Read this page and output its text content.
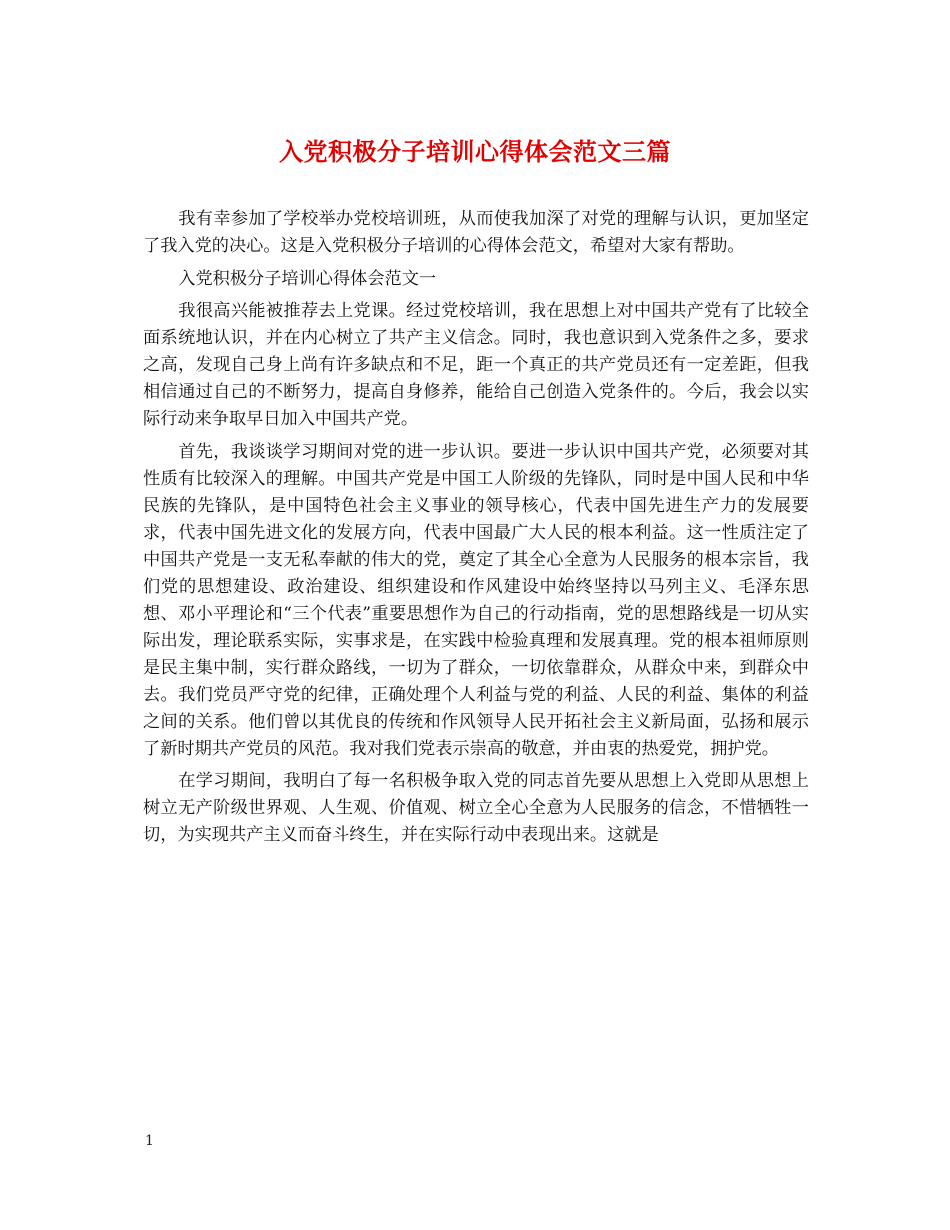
入党积极分子培训心得体会范文三篇

我有幸参加了学校举办党校培训班，从而使我加深了对党的理解与认识，更加坚定了我入党的决心。这是入党积极分子培训的心得体会范文，希望对大家有帮助。

入党积极分子培训心得体会范文一

我很高兴能被推荐去上党课。经过党校培训，我在思想上对中国共产党有了比较全面系统地认识，并在内心树立了共产主义信念。同时，我也意识到入党条件之多，要求之高，发现自己身上尚有许多缺点和不足，距一个真正的共产党员还有一定差距，但我相信通过自己的不断努力，提高自身修养，能给自己创造入党条件的。今后，我会以实际行动来争取早日加入中国共产党。

首先，我谈谈学习期间对党的进一步认识。要进一步认识中国共产党，必须要对其性质有比较深入的理解。中国共产党是中国工人阶级的先锋队，同时是中国人民和中华民族的先锋队，是中国特色社会主义事业的领导核心，代表中国先进生产力的发展要求，代表中国先进文化的发展方向，代表中国最广大人民的根本利益。这一性质注定了中国共产党是一支无私奉献的伟大的党，奠定了其全心全意为人民服务的根本宗旨，我们党的思想建设、政治建设、组织建设和作风建设中始终坚持以马列主义、毛泽东思想、邓小平理论和“三个代表”重要思想作为自己的行动指南，党的思想路线是一切从实际出发，理论联系实际，实事求是，在实践中检验真理和发展真理。党的根本祖师原则是民主集中制，实行群众路线，一切为了群众，一切依靠群众，从群众中来，到群众中去。我们党员严守党的纪律，正确处理个人利益与党的利益、人民的利益、集体的利益之间的关系。他们曾以其优良的传统和作风领导人民开拓社会主义新局面，弘扬和展示了新时期共产党员的风范。我对我们党表示崇高的敬意，并由衷的热爱党，拥护党。

在学习期间，我明白了每一名积极争取入党的同志首先要从思想上入党即从思想上树立无产阶级世界观、人生观、价值观、树立全心全意为人民服务的信念，不惜牺牲一切，为实现共产主义而奋斗终生，并在实际行动中表现出来。这就是

1
